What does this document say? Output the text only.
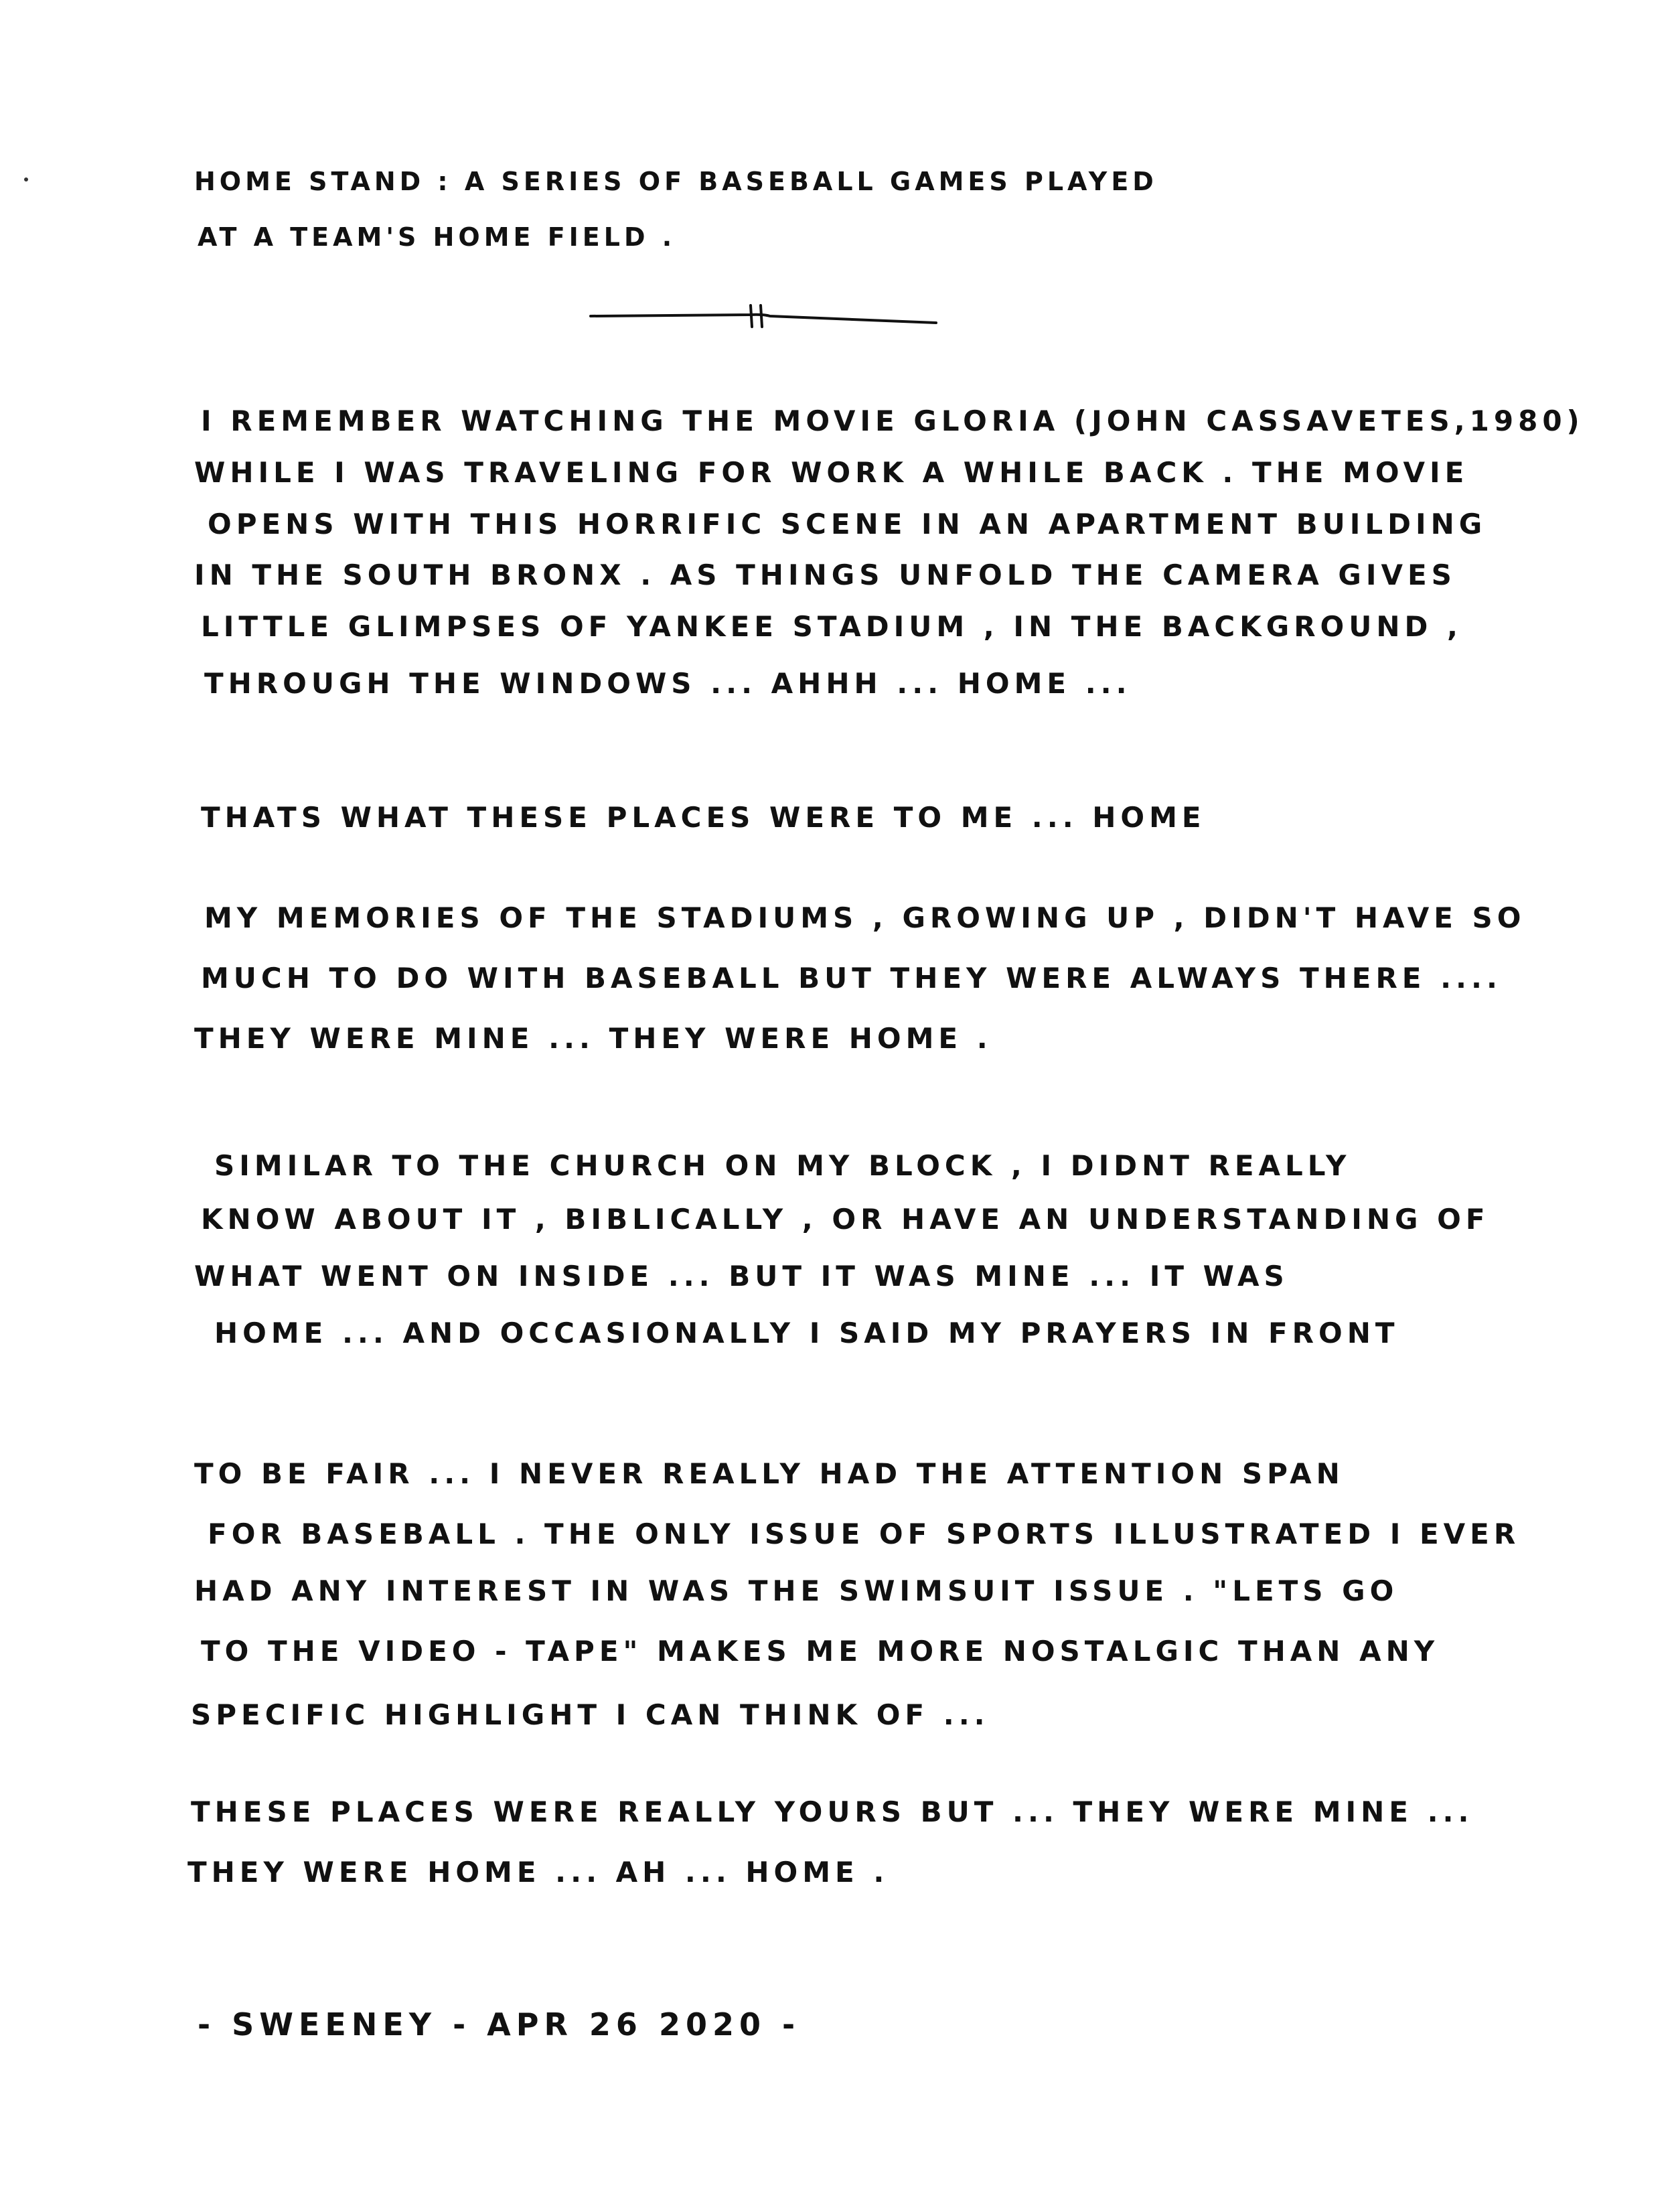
HOME STAND : A SERIES OF BASEBALL GAMES PLAYED
AT A TEAM'S HOME FIELD .
I REMEMBER WATCHING THE MOVIE GLORIA (JOHN CASSAVETES,1980)
WHILE I WAS TRAVELING FOR WORK A WHILE BACK . THE MOVIE
OPENS WITH THIS HORRIFIC SCENE IN AN APARTMENT BUILDING
IN THE SOUTH BRONX . AS THINGS UNFOLD THE CAMERA GIVES
LITTLE GLIMPSES OF YANKEE STADIUM , IN THE BACKGROUND ,
THROUGH THE WINDOWS ... AHHH ... HOME ...
THATS WHAT THESE PLACES WERE TO ME ... HOME
MY MEMORIES OF THE STADIUMS , GROWING UP , DIDN'T HAVE SO
MUCH TO DO WITH BASEBALL BUT THEY WERE ALWAYS THERE ....
THEY WERE MINE ... THEY WERE HOME .
SIMILAR TO THE CHURCH ON MY BLOCK , I DIDNT REALLY
KNOW ABOUT IT , BIBLICALLY , OR HAVE AN UNDERSTANDING OF
WHAT WENT ON INSIDE ... BUT IT WAS MINE ... IT WAS
HOME ... AND OCCASIONALLY I SAID MY PRAYERS IN FRONT
TO BE FAIR ... I NEVER REALLY HAD THE ATTENTION SPAN
FOR BASEBALL . THE ONLY ISSUE OF SPORTS ILLUSTRATED I EVER
HAD ANY INTEREST IN WAS THE SWIMSUIT ISSUE . "LETS GO
TO THE VIDEO - TAPE" MAKES ME MORE NOSTALGIC THAN ANY
SPECIFIC HIGHLIGHT I CAN THINK OF ...
THESE PLACES WERE REALLY YOURS BUT ... THEY WERE MINE ...
THEY WERE HOME ... AH ... HOME .
- SWEENEY - APR 26 2020 -
